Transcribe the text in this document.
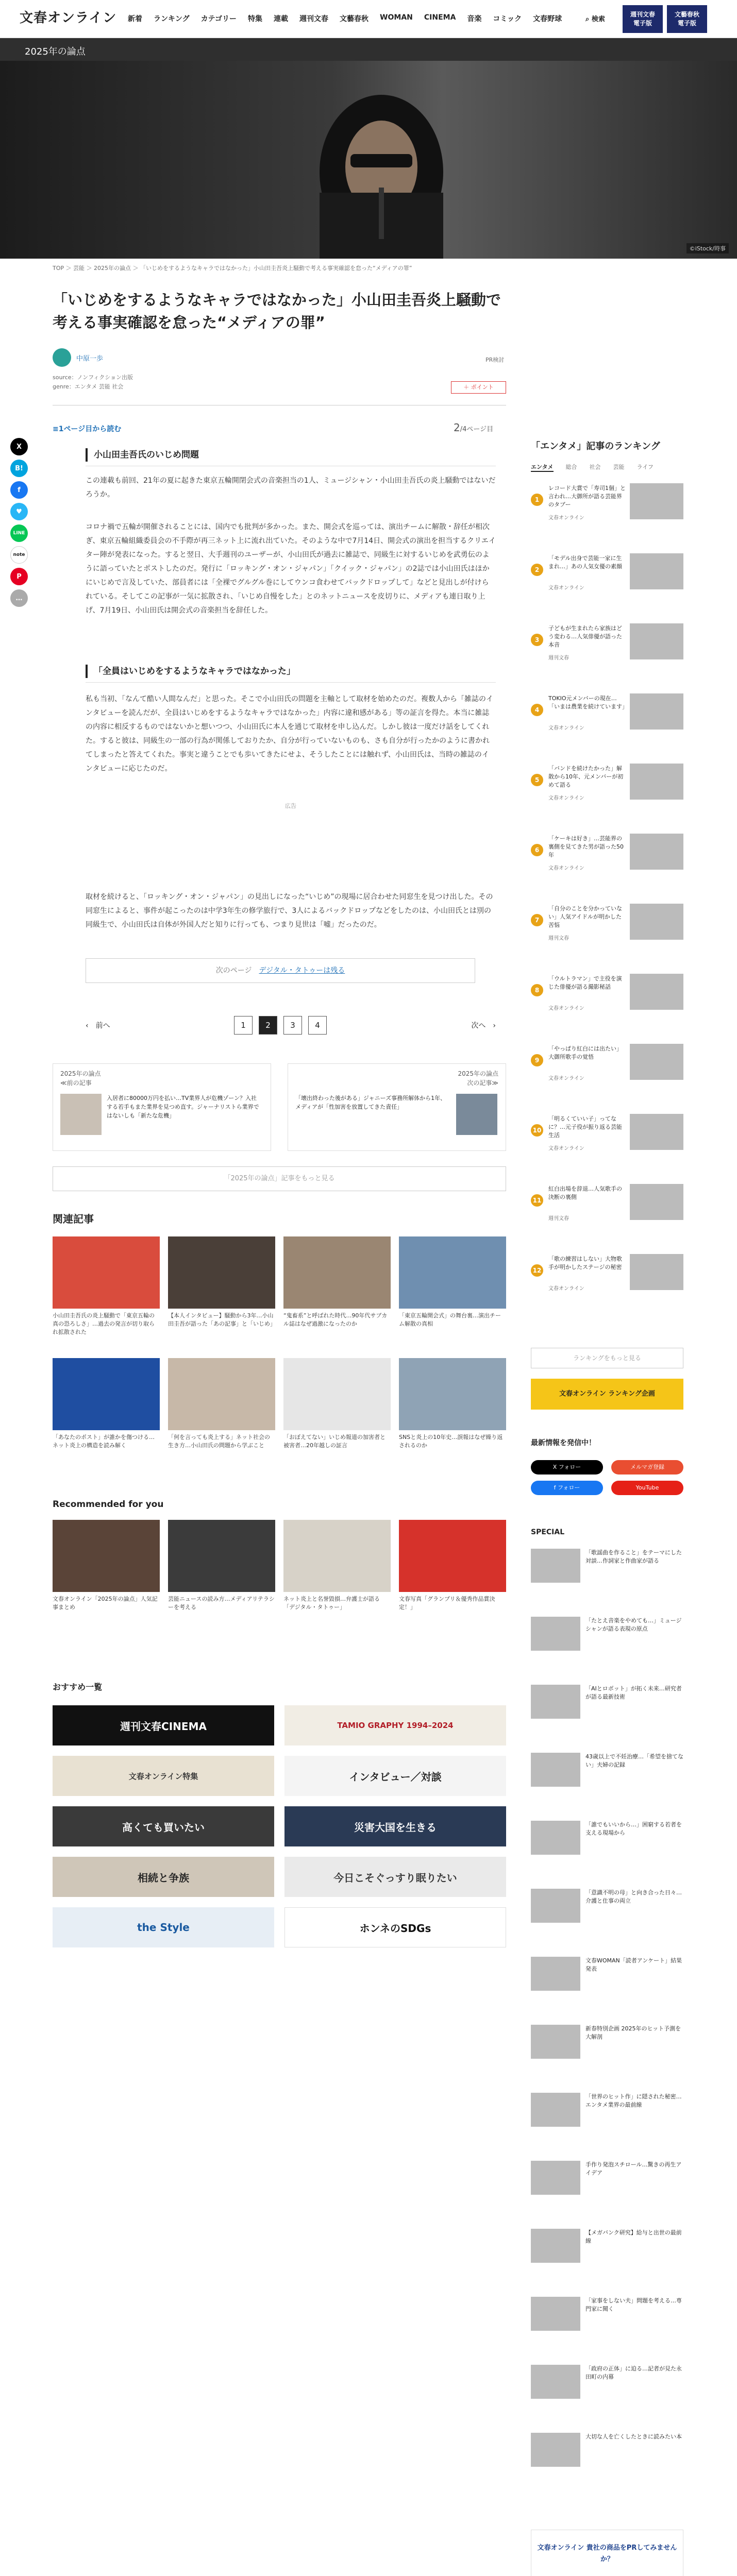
文春オンライン 新着 ランキング カテゴリー 特集 連載 週刊文春 文藝春秋 WOMAN CINEMA 音楽 コミック 文春野球	⌕ 検索
週刊文春
電子版
文藝春秋
電子版
2025年の論点
©iStock/時事
TOP ＞ 芸能 ＞ 2025年の論点 ＞ 「いじめをするようなキャラではなかった」小山田圭吾炎上騒動で考える事実確認を怠った“メディアの罪”
X
B!
f
♥
LINE
note
P
…
「いじめをするようなキャラではなかった」小山田圭吾炎上騒動で考える事実確認を怠った“メディアの罪”
中原一歩	PR検討
source：ノンフィクション出版
genre：エンタメ 芸能 社会	＋ ポイント
≡1ページ目から読む	2/4ページ目
小山田圭吾氏のいじめ問題

この連載も前回、21年の夏に起きた東京五輪開閉会式の音楽担当の1人、ミュージシャン・小山田圭吾氏の炎上騒動ではないだろうか。

コロナ禍で五輪が開催されることには、国内でも批判が多かった。また、開会式を巡っては、演出チームに解散・辞任が相次ぎ、東京五輪組織委員会の不手際が再三ネット上に流れ出ていた。そのような中で7月14日、開会式の演出を担当するクリエイター陣が発表になった。すると翌日、大手週刊のユーザーが、小山田氏が過去に雑誌で、同級生に対するいじめを武勇伝のように語っていたとポストしたのだ。発行に「ロッキング・オン・ジャパン」「クイック・ジャパン」の2誌では小山田氏はほかにいじめで言及していた、部員者には「全裸でグルグル巻にしてウンコ食わせてバックドロップして」などと見出しが付けられている。そしてこの記事が一気に拡散され、「いじめ自慢をした」とのネットニュースを皮切りに、メディアも連日取り上げ、7月19日、小山田氏は開会式の音楽担当を辞任した。

「全員はいじめをするようなキャラではなかった」

私も当初、「なんて酷い人間なんだ」と思った。そこで小山田氏の問題を主軸として取材を始めたのだ。複数人から「雑誌のインタビューを読んだが、全員はいじめをするようなキャラではなかった」内容に違和感がある」等の証言を得た。本当に雑誌の内容に相反するものではないかと想いつつ、小山田氏に本人を通じて取材を申し込んだ。しかし彼は一度だけ話をしてくれた。すると彼は、同級生の一部の行為が関係しておりたか、自分が行っていないものも、さも自分が行ったかのように書かれてしまったと答えてくれた。事実と違うことでも歩いてきたにせよ、そうしたことには触れず、小山田氏は、当時の雑誌のインタビューに応じたのだ。

広告

取材を続けると、「ロッキング・オン・ジャパン」の見出しになった“いじめ”の現場に居合わせた同窓生を見つけ出した。その同窓生によると、事件が起こったのは中学3年生の修学旅行で、3人によるバックドロップなどをしたのは、小山田氏とは別の同級生で、小山田氏は自体が外国人だと知りに行っても、つまり見世は「嘘」だったのだ。

次のページ　 デジタル・タトゥーは残る
‹　前へ	1	2	3	4	次へ　›
2025年の論点
≪前の記事
入居者に80000万円を払い…TV業界人が危機ゾーン？入社する若手もまた業界を見つめ直す。ジャーナリストら業界ではないしも「新たな危機」
2025年の論点
次の記事≫
「壊出終わった後がある」ジャニーズ事務所解体から1年、メディアが「性加害を放置してきた責任」
「2025年の論点」記事をもっと見る
関連記事
小山田圭吾氏の炎上騒動で「東京五輪の真の恐ろしさ」…過去の発言が切り取られ拡散された
【本人インタビュー】騒動から3年…小山田圭吾が語った「あの記事」と「いじめ」
“鬼畜系”と呼ばれた時代…90年代サブカル誌はなぜ過激になったのか
「東京五輪開会式」の舞台裏…演出チーム解散の真相
「あなたのポスト」が誰かを傷つける…ネット炎上の構造を読み解く
「何を言っても炎上する」ネット社会の生き方…小山田氏の問題から学ぶこと
「おぼえてない」いじめ報道の加害者と被害者…20年越しの証言
SNSと炎上の10年史…誤報はなぜ繰り返されるのか
Recommended for you
文春オンライン「2025年の論点」人気記事まとめ
芸能ニュースの読み方…メディアリテラシーを考える
ネット炎上と名誉毀損…弁護士が語る「デジタル・タトゥー」
文春写真「グランプリ＆優秀作品賞決定！」
おすすめ一覧
週刊文春CINEMA	TAMIO GRAPHY 1994–2024
文春オンライン特集	インタビュー／対談
高くても買いたい	災害大国を生きる
相続と争族	今日こそぐっすり眠りたい
the Style	ホンネのSDGs
「エンタメ」記事のランキング
エンタメ 総合 社会 芸能 ライフ
1
レコード大賞で「寿司1個」と言われ…大御所が語る芸能界のタブー
文春オンライン
2
「モデル出身で芸能一家に生まれ…」あの人気女優の素顔
文春オンライン
3
子どもが生まれたら家族はどう変わる…人気俳優が語った本音
週刊文春
4
TOKIO元メンバーの現在…「いまは農業を続けています」
文春オンライン
5
「バンドを続けたかった」解散から10年、元メンバーが初めて語る
文春オンライン
6
「ケーキは好き」…芸能界の裏側を見てきた男が語った50年
文春オンライン
7
「自分のことを分かっていない」人気アイドルが明かした苦悩
週刊文春
8
「ウルトラマン」で主役を演じた俳優が語る撮影秘話
文春オンライン
9
「やっぱり紅白には出たい」大御所歌手の覚悟
文春オンライン
10
「明るくていい子」ってなに？…元子役が振り返る芸能生活
文春オンライン
11
紅白出場を辞退…人気歌手の決断の裏側
週刊文春
12
「歌の練習はしない」大物歌手が明かしたステージの秘密
文春オンライン
ランキングをもっと見る
文春オンライン ランキング企画
最新情報を発信中！
X フォロー	メルマガ登録
f フォロー	YouTube
SPECIAL
「歌謡曲を作ること」をテーマにした対談…作詞家と作曲家が語る
「たとえ音楽をやめても…」ミュージシャンが語る表現の原点
「AIとロボット」が拓く未来…研究者が語る最新技術
43歳以上で不妊治療…「希望を捨てない」夫婦の記録
「誰でもいいから…」困窮する若者を支える現場から
「意識不明の母」と向き合った日々…介護と仕事の両立
文春WOMAN「読者アンケート」結果発表
新春特別企画 2025年のヒット予測を大解剖
「世界のヒット作」に隠された秘密…エンタメ業界の最前線
手作り発泡スチロール…驚きの再生アイデア
【メガバンク研究】給与と出世の最前線
「家事をしない夫」問題を考える…専門家に聞く
「政府の正体」に迫る…記者が見た永田町の内幕
大切な人を亡くしたときに読みたい本
文春オンライン 貴社の商品をPRしてみませんか？
